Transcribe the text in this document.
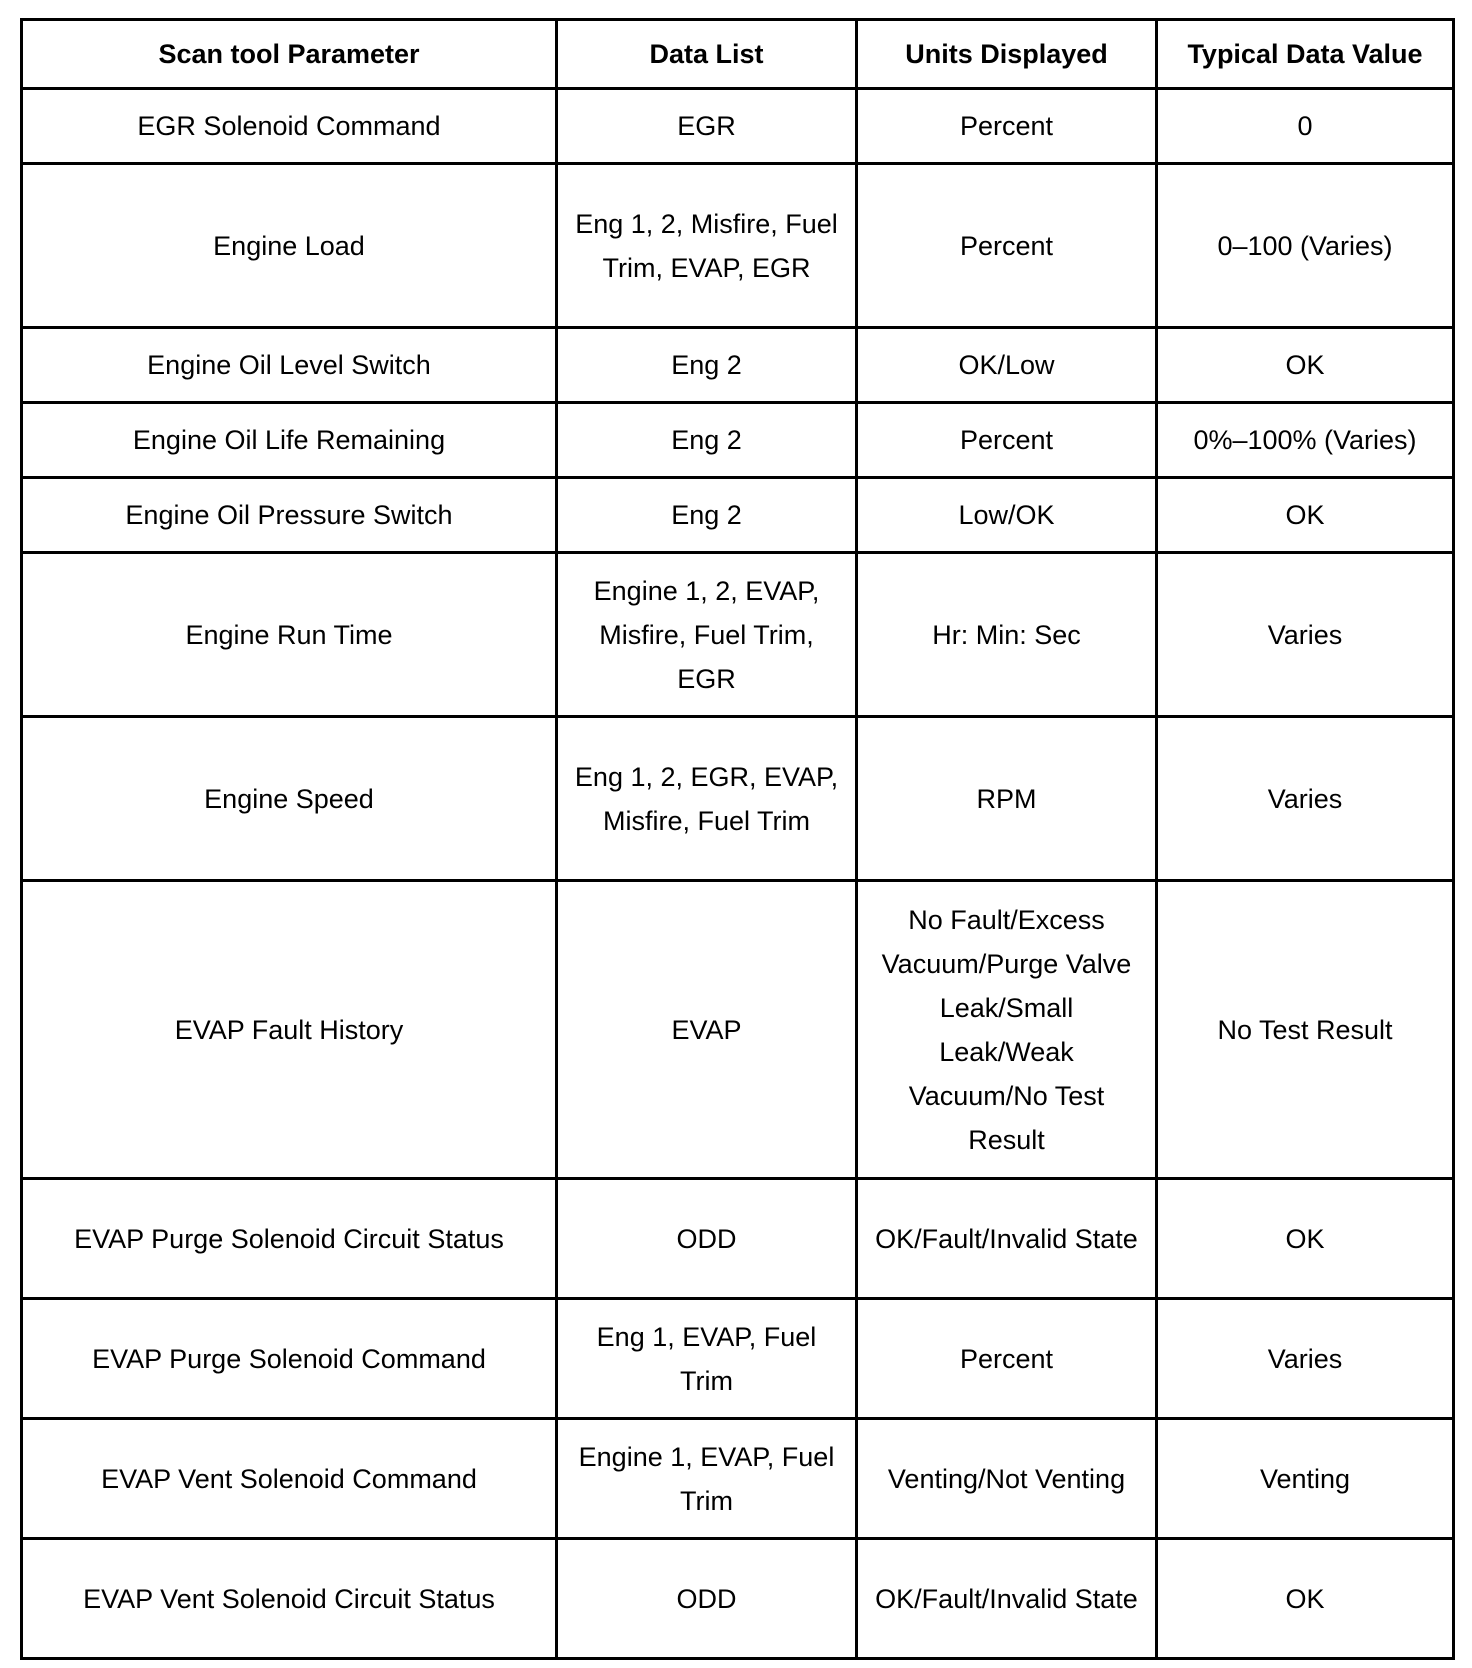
Scan tool Parameter	Data List	Units Displayed	Typical Data Value
EGR Solenoid Command	EGR	Percent	0
Engine Load	Eng 1, 2, Misfire, Fuel Trim, EVAP, EGR	Percent	0–100 (Varies)
Engine Oil Level Switch	Eng 2	OK/Low	OK
Engine Oil Life Remaining	Eng 2	Percent	0%–100% (Varies)
Engine Oil Pressure Switch	Eng 2	Low/OK	OK
Engine Run Time	Engine 1, 2, EVAP, Misfire, Fuel Trim, EGR	Hr: Min: Sec	Varies
Engine Speed	Eng 1, 2, EGR, EVAP, Misfire, Fuel Trim	RPM	Varies
EVAP Fault History	EVAP	No Fault/Excess Vacuum/Purge Valve Leak/Small Leak/Weak Vacuum/No Test Result	No Test Result
EVAP Purge Solenoid Circuit Status	ODD	OK/Fault/Invalid State	OK
EVAP Purge Solenoid Command	Eng 1, EVAP, Fuel Trim	Percent	Varies
EVAP Vent Solenoid Command	Engine 1, EVAP, Fuel Trim	Venting/Not Venting	Venting
EVAP Vent Solenoid Circuit Status	ODD	OK/Fault/Invalid State	OK
